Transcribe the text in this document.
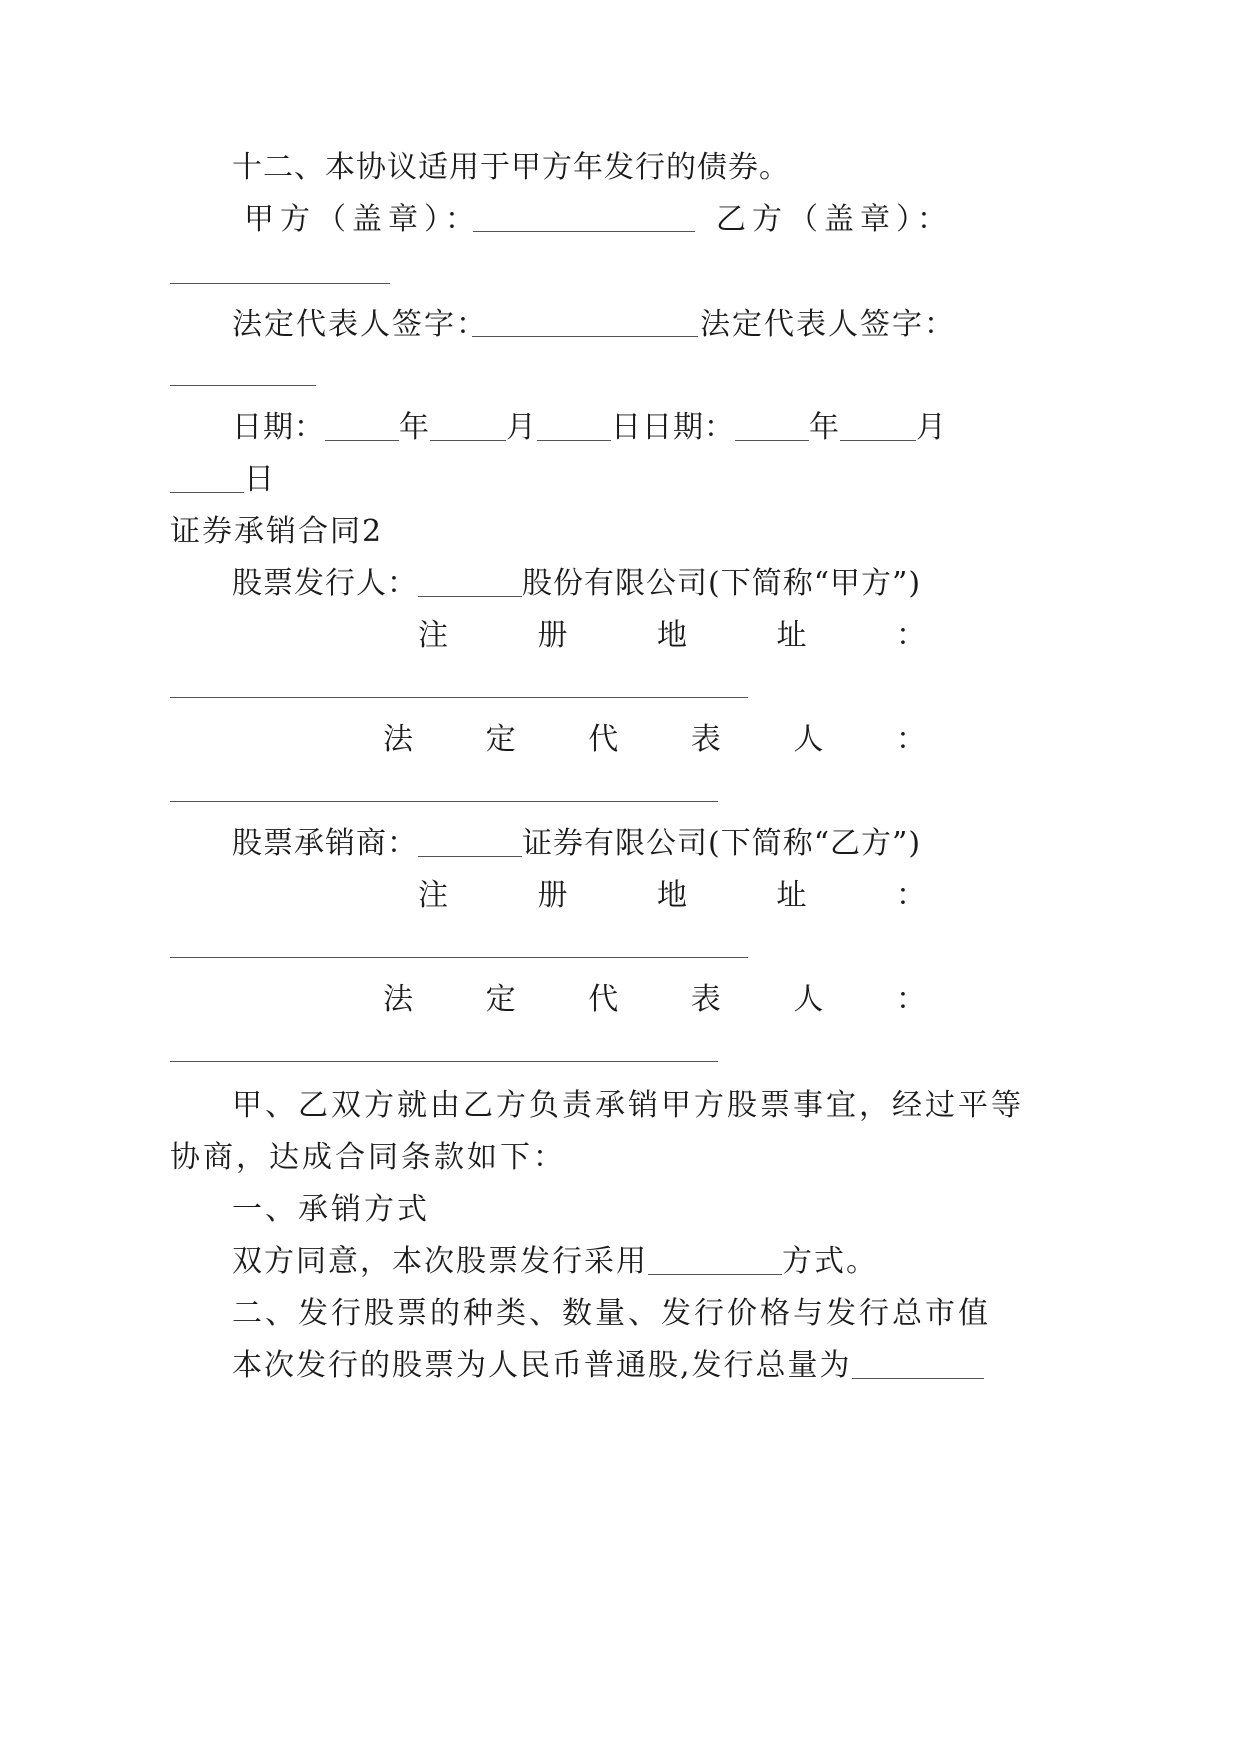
十二、本协议适用于甲方年发行的债券。
甲方（盖章）：	乙方（盖章）：
法定代表人签字：	法定代表人签字：
日期： 年	月 日日期： 年	月
日
证券承销合同2
股票发行人：	股份有限公司(下简称“甲方”)
注	册	地	址	：
法 定 代 表 人 ：
股票承销商：	证券有限公司(下简称“乙方”)
注	册	地	址	：
法 定 代 表 人 ：
甲、乙双方就由乙方负责承销甲方股票事宜，经过平等
协商，达成合同条款如下：
一、承销方式
双方同意，本次股票发行采用	方式。
二、发行股票的种类、数量、发行价格与发行总市值
本次发行的股票为人民币普通股,发行总量为
